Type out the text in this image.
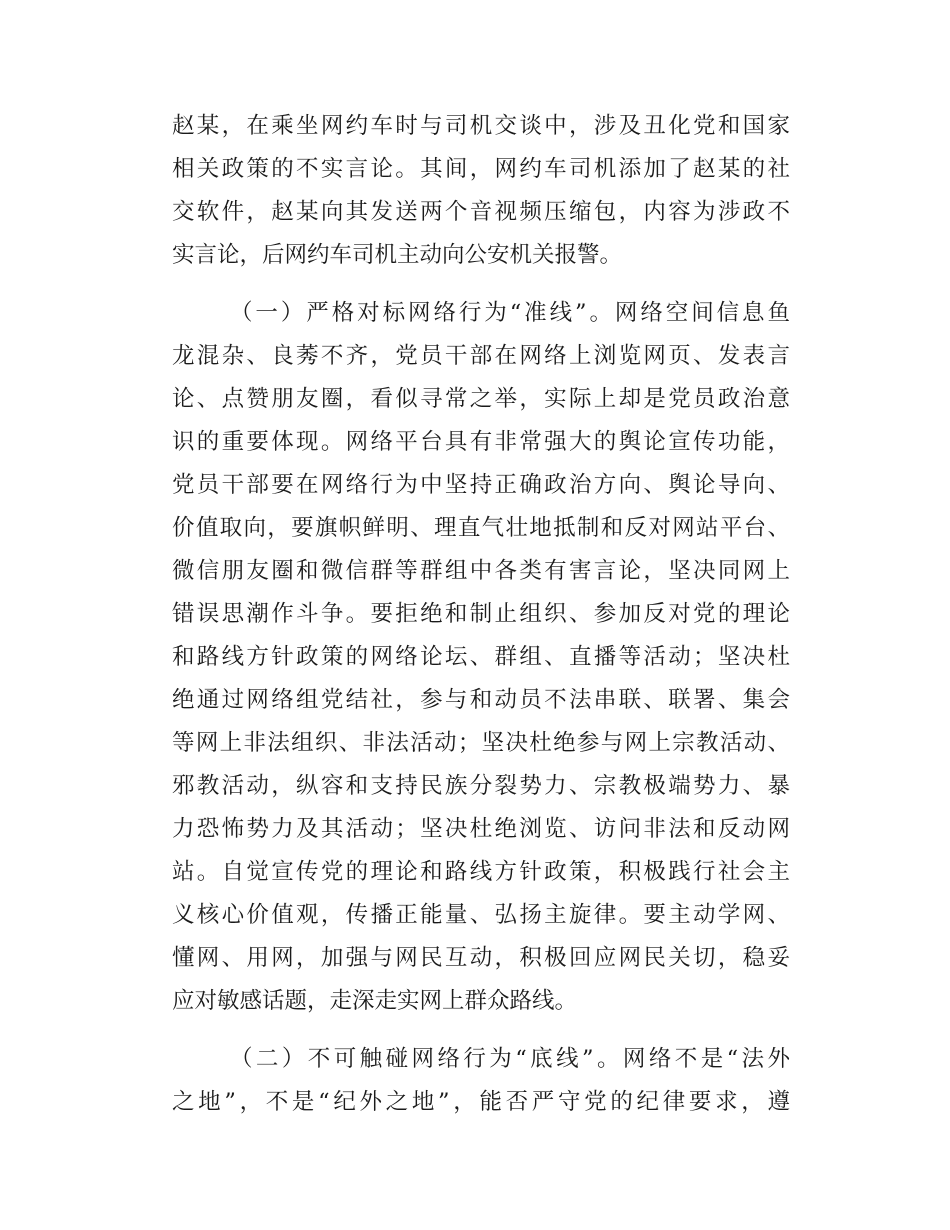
赵某，在乘坐网约车时与司机交谈中，涉及丑化党和国家
相关政策的不实言论。其间，网约车司机添加了赵某的社
交软件，赵某向其发送两个音视频压缩包，内容为涉政不
实言论，后网约车司机主动向公安机关报警。
（一）严格对标网络行为“准线”。网络空间信息鱼
龙混杂、良莠不齐，党员干部在网络上浏览网页、发表言
论、点赞朋友圈，看似寻常之举，实际上却是党员政治意
识的重要体现。网络平台具有非常强大的舆论宣传功能，
党员干部要在网络行为中坚持正确政治方向、舆论导向、
价值取向，要旗帜鲜明、理直气壮地抵制和反对网站平台、
微信朋友圈和微信群等群组中各类有害言论，坚决同网上
错误思潮作斗争。要拒绝和制止组织、参加反对党的理论
和路线方针政策的网络论坛、群组、直播等活动；坚决杜
绝通过网络组党结社，参与和动员不法串联、联署、集会
等网上非法组织、非法活动；坚决杜绝参与网上宗教活动、
邪教活动，纵容和支持民族分裂势力、宗教极端势力、暴
力恐怖势力及其活动；坚决杜绝浏览、访问非法和反动网
站。自觉宣传党的理论和路线方针政策，积极践行社会主
义核心价值观，传播正能量、弘扬主旋律。要主动学网、
懂网、用网，加强与网民互动，积极回应网民关切，稳妥
应对敏感话题，走深走实网上群众路线。
（二）不可触碰网络行为“底线”。网络不是“法外
之地”，不是“纪外之地”，能否严守党的纪律要求，遵
